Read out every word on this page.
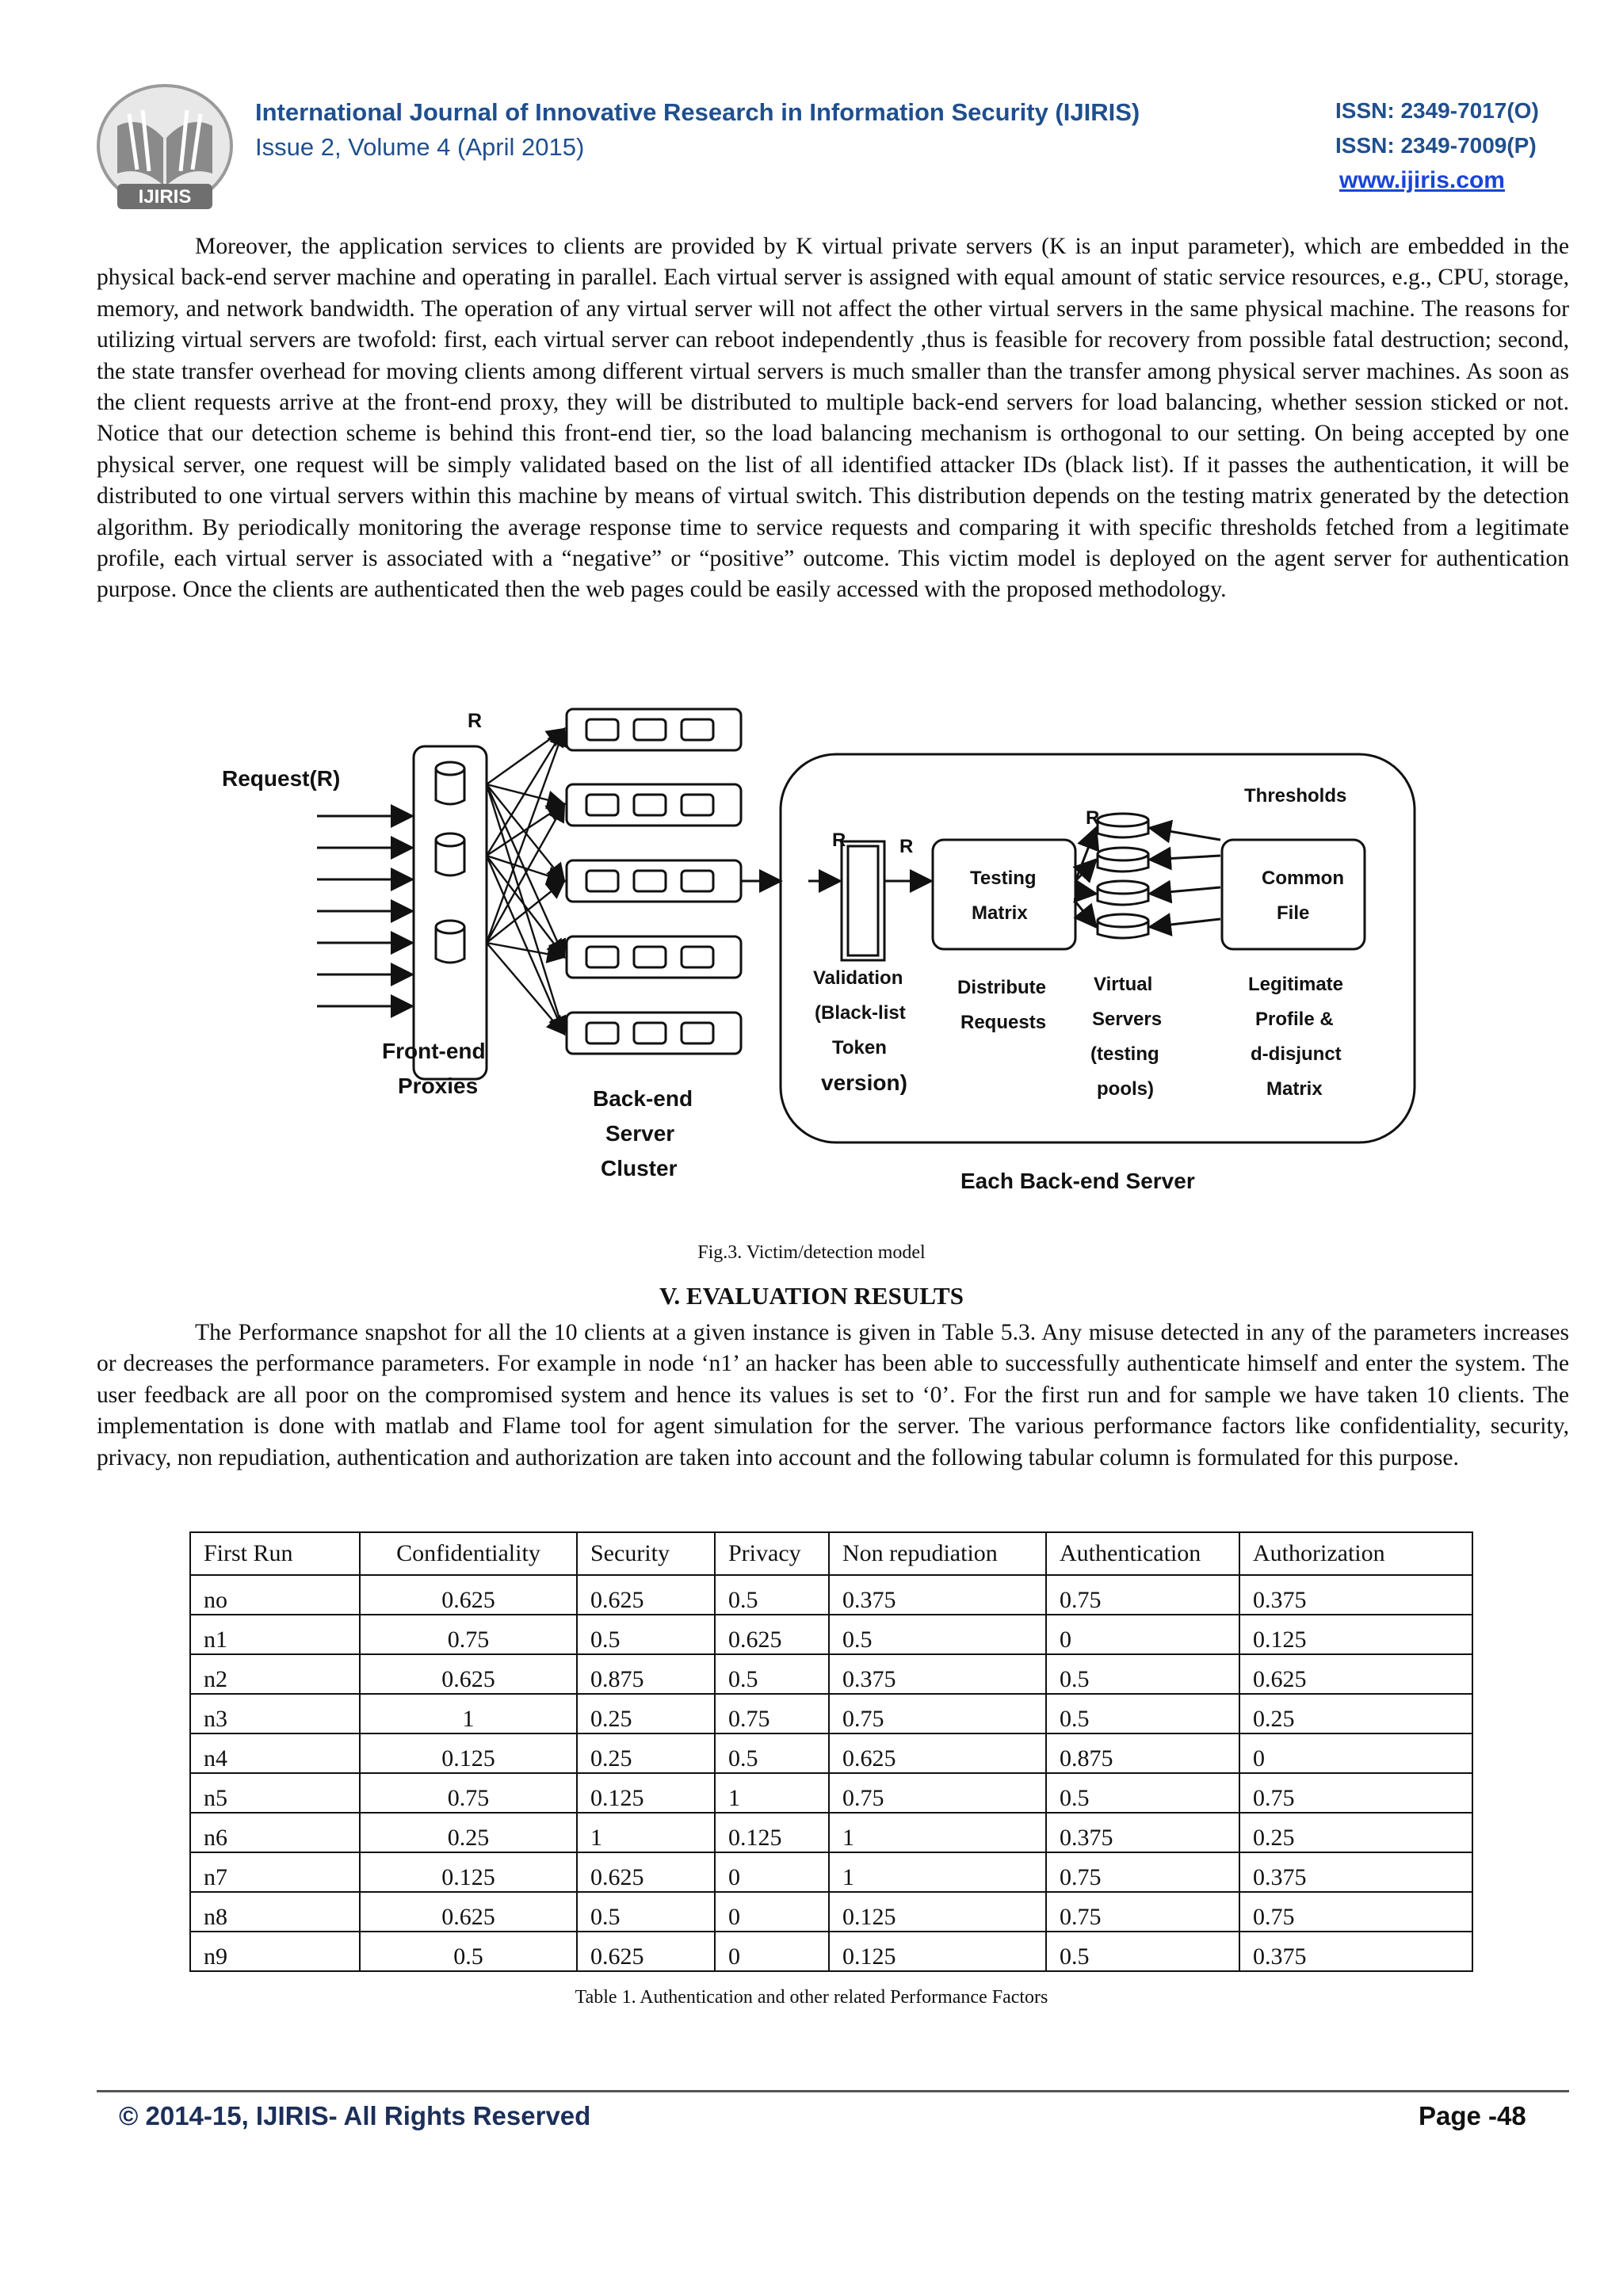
IJIRIS
International Journal of Innovative Research in Information Security (IJIRIS)
Issue 2, Volume 4 (April 2015)
ISSN: 2349-7017(O)
ISSN: 2349-7009(P)
www.ijiris.com

Moreover, the application services to clients are provided by K virtual private servers (K is an input parameter), which are embedded in the physical back-end server machine and operating in parallel. Each virtual server is assigned with equal amount of static service resources, e.g., CPU, storage, memory, and network bandwidth. The operation of any virtual server will not affect the other virtual servers in the same physical machine. The reasons for utilizing virtual servers are twofold: first, each virtual server can reboot independently ,thus is feasible for recovery from possible fatal destruction; second, the state transfer overhead for moving clients among different virtual servers is much smaller than the transfer among physical server machines. As soon as the client requests arrive at the front-end proxy, they will be distributed to multiple back-end servers for load balancing, whether session sticked or not. Notice that our detection scheme is behind this front-end tier, so the load balancing mechanism is orthogonal to our setting. On being accepted by one physical server, one request will be simply validated based on the list of all identified attacker IDs (black list). If it passes the authentication, it will be distributed to one virtual servers within this machine by means of virtual switch. This distribution depends on the testing matrix generated by the detection algorithm. By periodically monitoring the average response time to service requests and comparing it with specific thresholds fetched from a legitimate profile, each virtual server is associated with a “negative” or “positive” outcome. This victim model is deployed on the agent server for authentication purpose. Once the clients are authenticated then the web pages could be easily accessed with the proposed methodology.

R
Request(R)
R	R
R
Front-end
Proxies
Back-end
Server
Cluster
Thresholds
Testing
Matrix
Common
File
Validation
(Black-list
Token
version)
Distribute
Requests
Virtual
Servers
(testing
pools)
Legitimate
Profile &
d-disjunct
Matrix
Each Back-end Server
Fig.3. Victim/detection model
V. EVALUATION RESULTS

The Performance snapshot for all the 10 clients at a given instance is given in Table 5.3. Any misuse detected in any of the parameters increases or decreases the performance parameters. For example in node ‘n1’ an hacker has been able to successfully authenticate himself and enter the system. The user feedback are all poor on the compromised system and hence its values is set to ‘0’. For the first run and for sample we have taken 10 clients. The implementation is done with matlab and Flame tool for agent simulation for the server. The various performance factors like confidentiality, security, privacy, non repudiation, authentication and authorization are taken into account and the following tabular column is formulated for this purpose.

First Run	Confidentiality	Security	Privacy	Non repudiation	Authentication	Authorization
no	0.625	0.625	0.5	0.375	0.75	0.375
n1	0.75	0.5	0.625	0.5	0	0.125
n2	0.625	0.875	0.5	0.375	0.5	0.625
n3	1	0.25	0.75	0.75	0.5	0.25
n4	0.125	0.25	0.5	0.625	0.875	0
n5	0.75	0.125	1	0.75	0.5	0.75
n6	0.25	1	0.125	1	0.375	0.25
n7	0.125	0.625	0	1	0.75	0.375
n8	0.625	0.5	0	0.125	0.75	0.75
n9	0.5	0.625	0	0.125	0.5	0.375
Table 1. Authentication and other related Performance Factors
© 2014-15, IJIRIS- All Rights Reserved	Page -48
